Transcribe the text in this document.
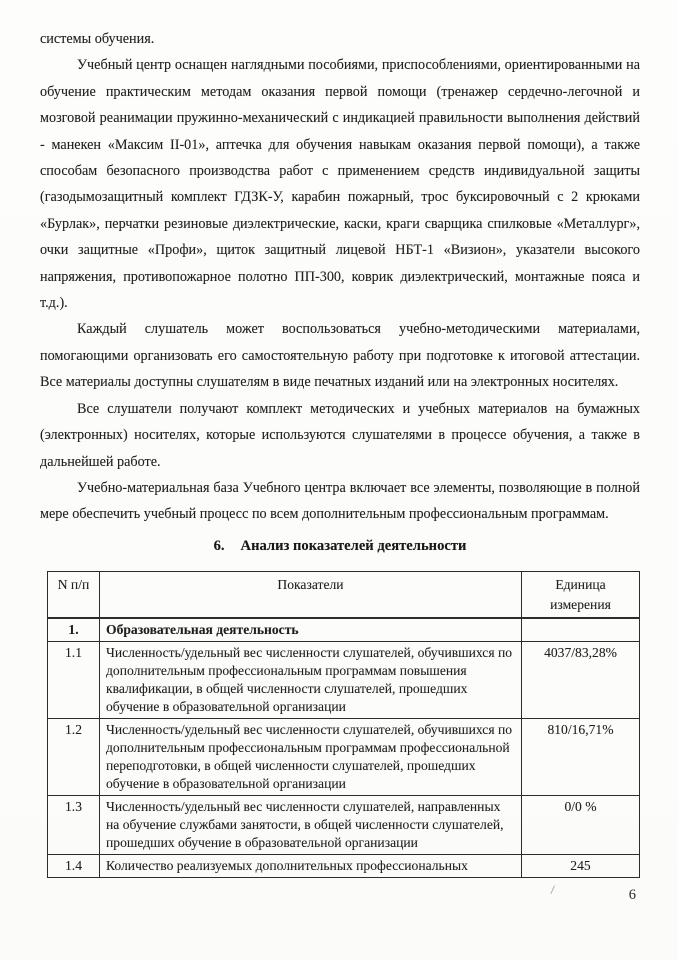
системы обучения.

Учебный центр оснащен наглядными пособиями, приспособлениями, ориентированными на обучение практическим методам оказания первой помощи (тренажер сердечно-легочной и мозговой реанимации пружинно-механический с индикацией правильности выполнения действий - манекен «Максим II-01», аптечка для обучения навыкам оказания первой помощи), а также способам безопасного производства работ с применением средств индивидуальной защиты (газодымозащитный комплект ГДЗК-У, карабин пожарный, трос буксировочный с 2 крюками «Бурлак», перчатки резиновые диэлектрические, каски, краги сварщика спилковые «Металлург», очки защитные «Профи», щиток защитный лицевой НБТ-1 «Визион», указатели высокого напряжения, противопожарное полотно ПП-300, коврик диэлектрический, монтажные пояса и т.д.).

Каждый слушатель может воспользоваться учебно-методическими материалами, помогающими организовать его самостоятельную работу при подготовке к итоговой аттестации. Все материалы доступны слушателям в виде печатных изданий или на электронных носителях.

Все слушатели получают комплект методических и учебных материалов на бумажных (электронных) носителях, которые используются слушателями в процессе обучения, а также в дальнейшей работе.

Учебно-материальная база Учебного центра включает все элементы, позволяющие в полной мере обеспечить учебный процесс по всем дополнительным профессиональным программам.

6. Анализ показателей деятельности
N п/п	Показатели	Единица измерения
1.	Образовательная деятельность	
1.1	Численность/удельный вес численности слушателей, обучившихся по дополнительным профессиональным программам повышения квалификации, в общей численности слушателей, прошедших обучение в образовательной организации	4037/83,28%
1.2	Численность/удельный вес численности слушателей, обучившихся по дополнительным профессиональным программам профессиональной переподготовки, в общей численности слушателей, прошедших обучение в образовательной организации	810/16,71%
1.3	Численность/удельный вес численности слушателей, направленных на обучение службами занятости, в общей численности слушателей, прошедших обучение в образовательной организации	0/0 %
1.4	Количество реализуемых дополнительных профессиональных	245
6
